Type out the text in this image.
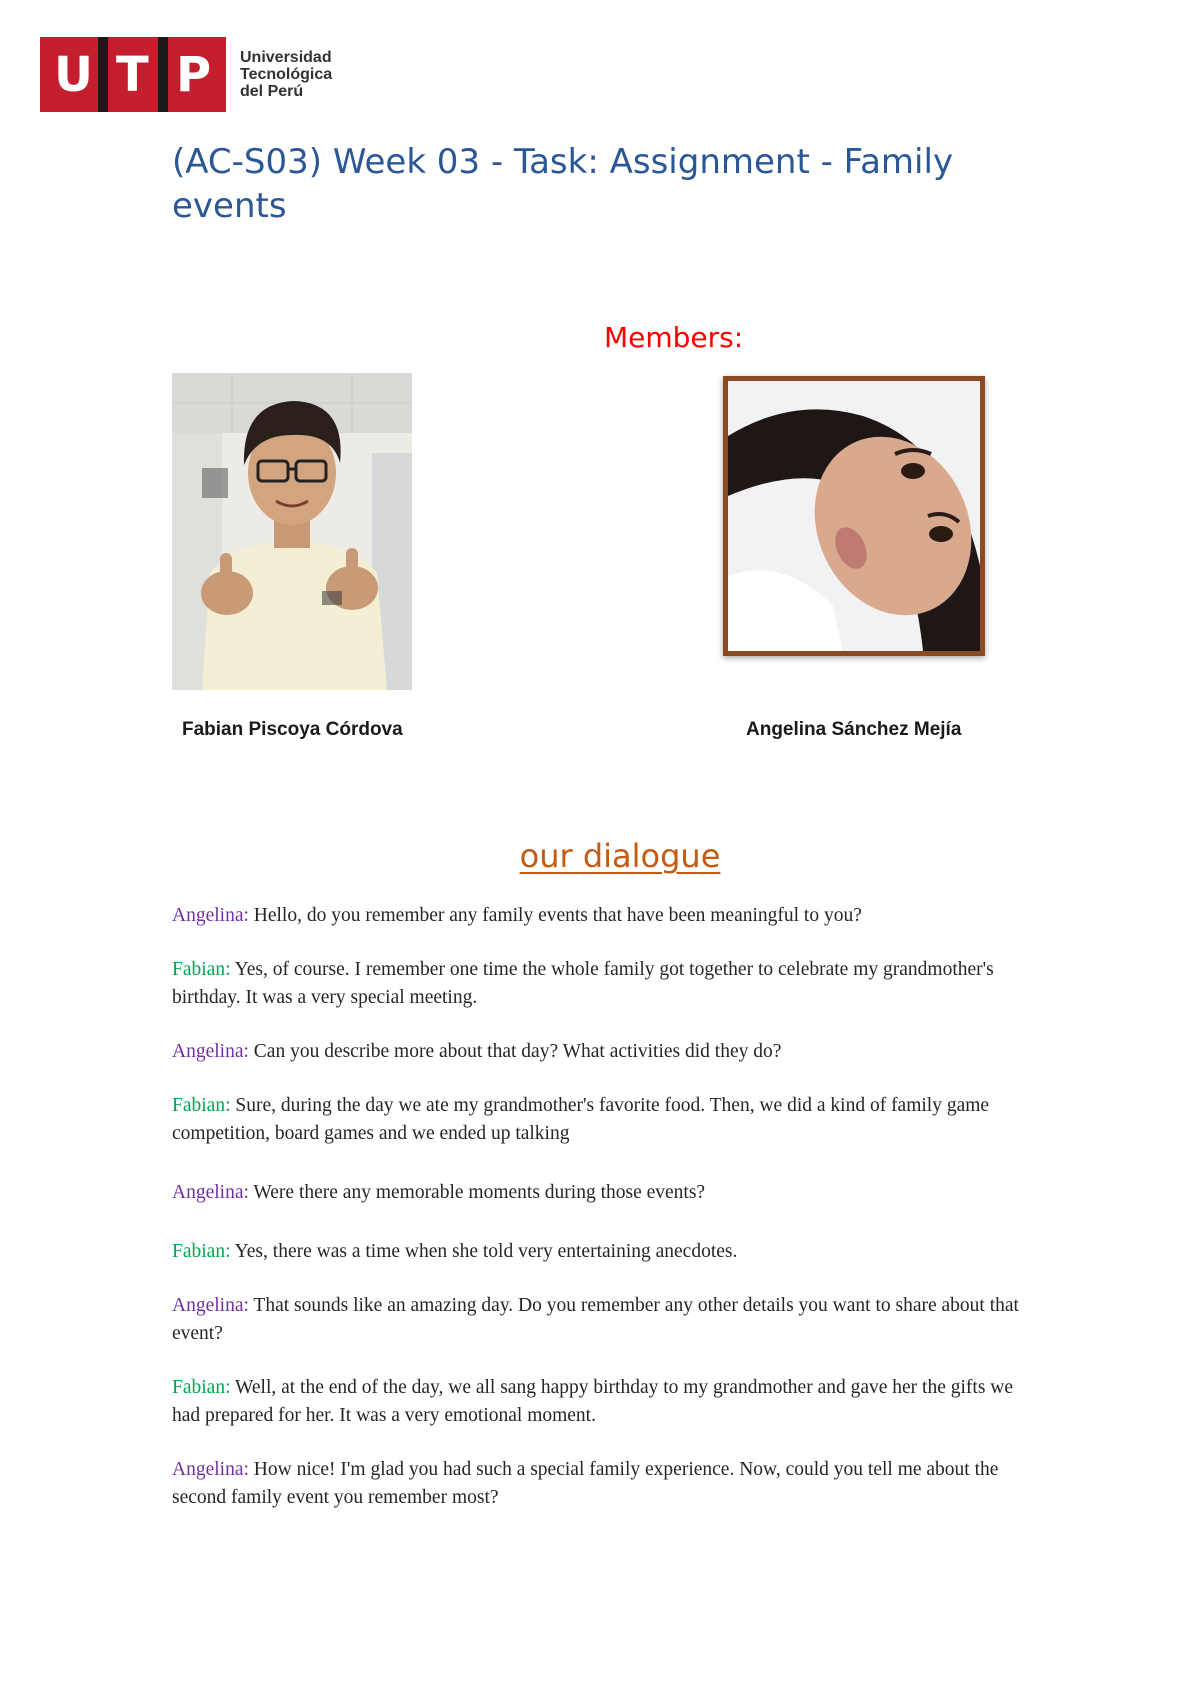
U T P Universidad
Tecnológica
del Perú
(AC-S03) Week 03 - Task: Assignment - Family events
Members:
Fabian Piscoya Córdova	Angelina Sánchez Mejía
our dialogue

Angelina: Hello, do you remember any family events that have been meaningful to you?

Fabian: Yes, of course. I remember one time the whole family got together to celebrate my grandmother's birthday. It was a very special meeting.

Angelina: Can you describe more about that day? What activities did they do?

Fabian: Sure, during the day we ate my grandmother's favorite food. Then, we did a kind of family game competition, board games and we ended up talking

Angelina: Were there any memorable moments during those events?

Fabian: Yes, there was a time when she told very entertaining anecdotes.

Angelina: That sounds like an amazing day. Do you remember any other details you want to share about that event?

Fabian: Well, at the end of the day, we all sang happy birthday to my grandmother and gave her the gifts we had prepared for her. It was a very emotional moment.

Angelina: How nice! I'm glad you had such a special family experience. Now, could you tell me about the second family event you remember most?
